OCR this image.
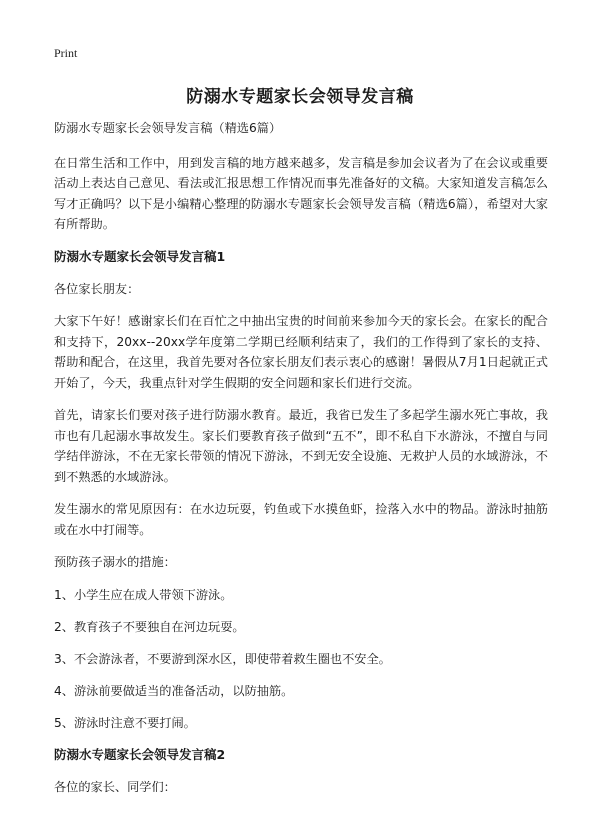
Print
防溺水专题家长会领导发言稿

防溺水专题家长会领导发言稿（精选6篇）

在日常生活和工作中，用到发言稿的地方越来越多，发言稿是参加会议者为了在会议或重要活动上表达自己意见、看法或汇报思想工作情况而事先准备好的文稿。大家知道发言稿怎么写才正确吗？以下是小编精心整理的防溺水专题家长会领导发言稿（精选6篇），希望对大家有所帮助。

防溺水专题家长会领导发言稿1

各位家长朋友：

大家下午好！感谢家长们在百忙之中抽出宝贵的时间前来参加今天的家长会。在家长的配合和支持下，20xx--20xx学年度第二学期已经顺利结束了，我们的工作得到了家长的支持、帮助和配合，在这里，我首先要对各位家长朋友们表示衷心的感谢！暑假从7月1日起就正式开始了，今天，我重点针对学生假期的安全问题和家长们进行交流。

首先，请家长们要对孩子进行防溺水教育。最近，我省已发生了多起学生溺水死亡事故，我市也有几起溺水事故发生。家长们要教育孩子做到“五不”，即不私自下水游泳，不擅自与同学结伴游泳，不在无家长带领的情况下游泳，不到无安全设施、无救护人员的水域游泳，不到不熟悉的水域游泳。

发生溺水的常见原因有：在水边玩耍，钓鱼或下水摸鱼虾，捡落入水中的物品。游泳时抽筋或在水中打闹等。

预防孩子溺水的措施：

1、小学生应在成人带领下游泳。
2、教育孩子不要独自在河边玩耍。
3、不会游泳者，不要游到深水区，即使带着救生圈也不安全。
4、游泳前要做适当的准备活动，以防抽筋。
5、游泳时注意不要打闹。
防溺水专题家长会领导发言稿2

各位的家长、同学们：
